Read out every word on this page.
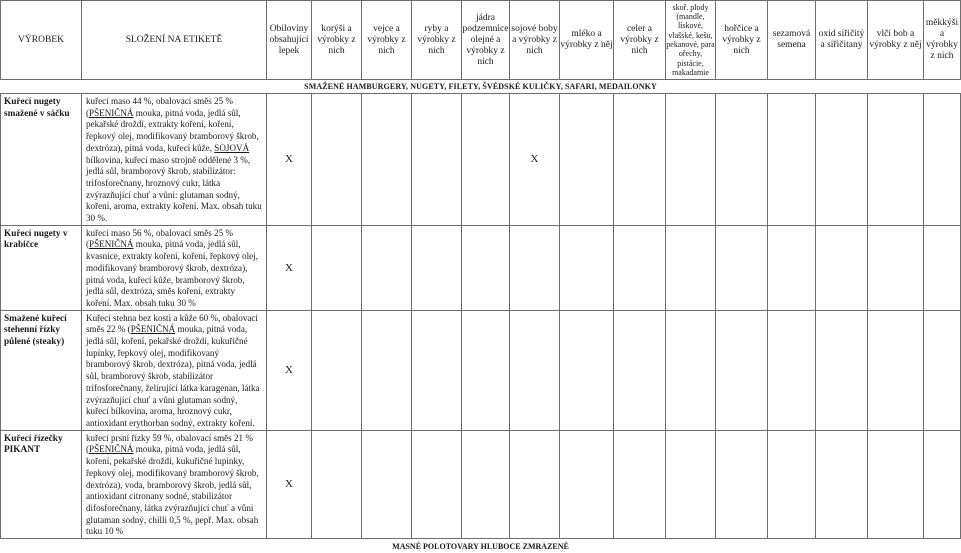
VÝROBEK	SLOŽENÍ NA ETIKETĚ	Obiloviny obsahující lepek	korýši a výrobky z nich	vejce a výrobky z nich	ryby a výrobky z nich	jádra podzemnice olejné a výrobky z nich	sojové boby a výrobky z nich	mléko a výrobky z něj	celer a výrobky z nich	skoř. plody (mandle, lískové, vlašské, kešu, pekanové, para ořechy, pistácie, makadamie	hořčice a výrobky z nich	sezamová semena	oxid siřičitý a siřičitany	vlčí bob a výrobky z něj	měkkýši a výrobky z nich
SMAŽENÉ HAMBURGERY, NUGETY, FILETY, ŠVÉDSKÉ KULIČKY, SAFARI, MEDAILONKY															
Kuřecí nugety smažené v sáčku	kuřecí maso 44 %, obalovací směs 25 % (PŠENIČNÁ mouka, pitná voda, jedlá sůl, pekařské droždí, extrakty koření, koření, řepkový olej, modifikovaný bramborový škrob, dextróza), pitná voda, kuřecí kůže, SOJOVÁ bílkovina, kuřecí maso strojně oddělené 3 %, jedlá sůl, bramborový škrob, stabilizátor: trifosforečnany, hroznový cukr, látka zvýrazňující chuť a vůni: glutaman sodný, koření, aroma, extrakty koření. Max. obsah tuku 30 %.	X					X								
Kuřecí nugety v krabičce	kuřecí maso 56 %, obalovací směs 25 % (PŠENIČNÁ mouka, pitná voda, jedlá sůl, kvasnice, extrakty koření, koření, řepkový olej, modifikovaný bramborový škrob, dextróza), pitná voda, kuřecí kůže, bramborový škrob, jedlá sůl, dextróza, směs koření, extrakty koření. Max. obsah tuku 30 %	X													
Smažené kuřecí stehenní řízky půlené (steaky)	Kuřecí stehna bez kosti a kůže 60 %, obalovací směs 22 % (PŠENIČNÁ mouka, pitná voda, jedlá sůl, koření, pekařské droždí, kukuřičné lupínky, řepkový olej, modifikovaný bramborový škrob, dextróza), pitná voda, jedlá sůl, bramborový škrob, stabilizátor trifosforečnany, želírující látka karagenan, látka zvýrazňující chuť a vůni glutaman sodný, kuřecí bílkovina, aroma, hroznový cukr, antioxidant erythorban sodný, extrakty koření.	X													
Kuřecí řízečky PIKANT	kuřecí prsní řízky 59 %, obalovací směs 21 % (PŠENIČNÁ mouka, pitná voda, jedlá sůl, koření, pekařské droždí, kukuřičné lupínky, řepkový olej, modifikovaný bramborový škrob, dextróza), voda, bramborový škrob, jedlá sůl, antioxidant citronany sodné, stabilizátor difosforečnany, látka zvýrazňující chuť a vůni glutaman sodný, chilli 0,5 %, pepř. Max. obsah tuku 10 %	X													
MASNÉ POLOTOVARY HLUBOCE ZMRAZENÉ															
